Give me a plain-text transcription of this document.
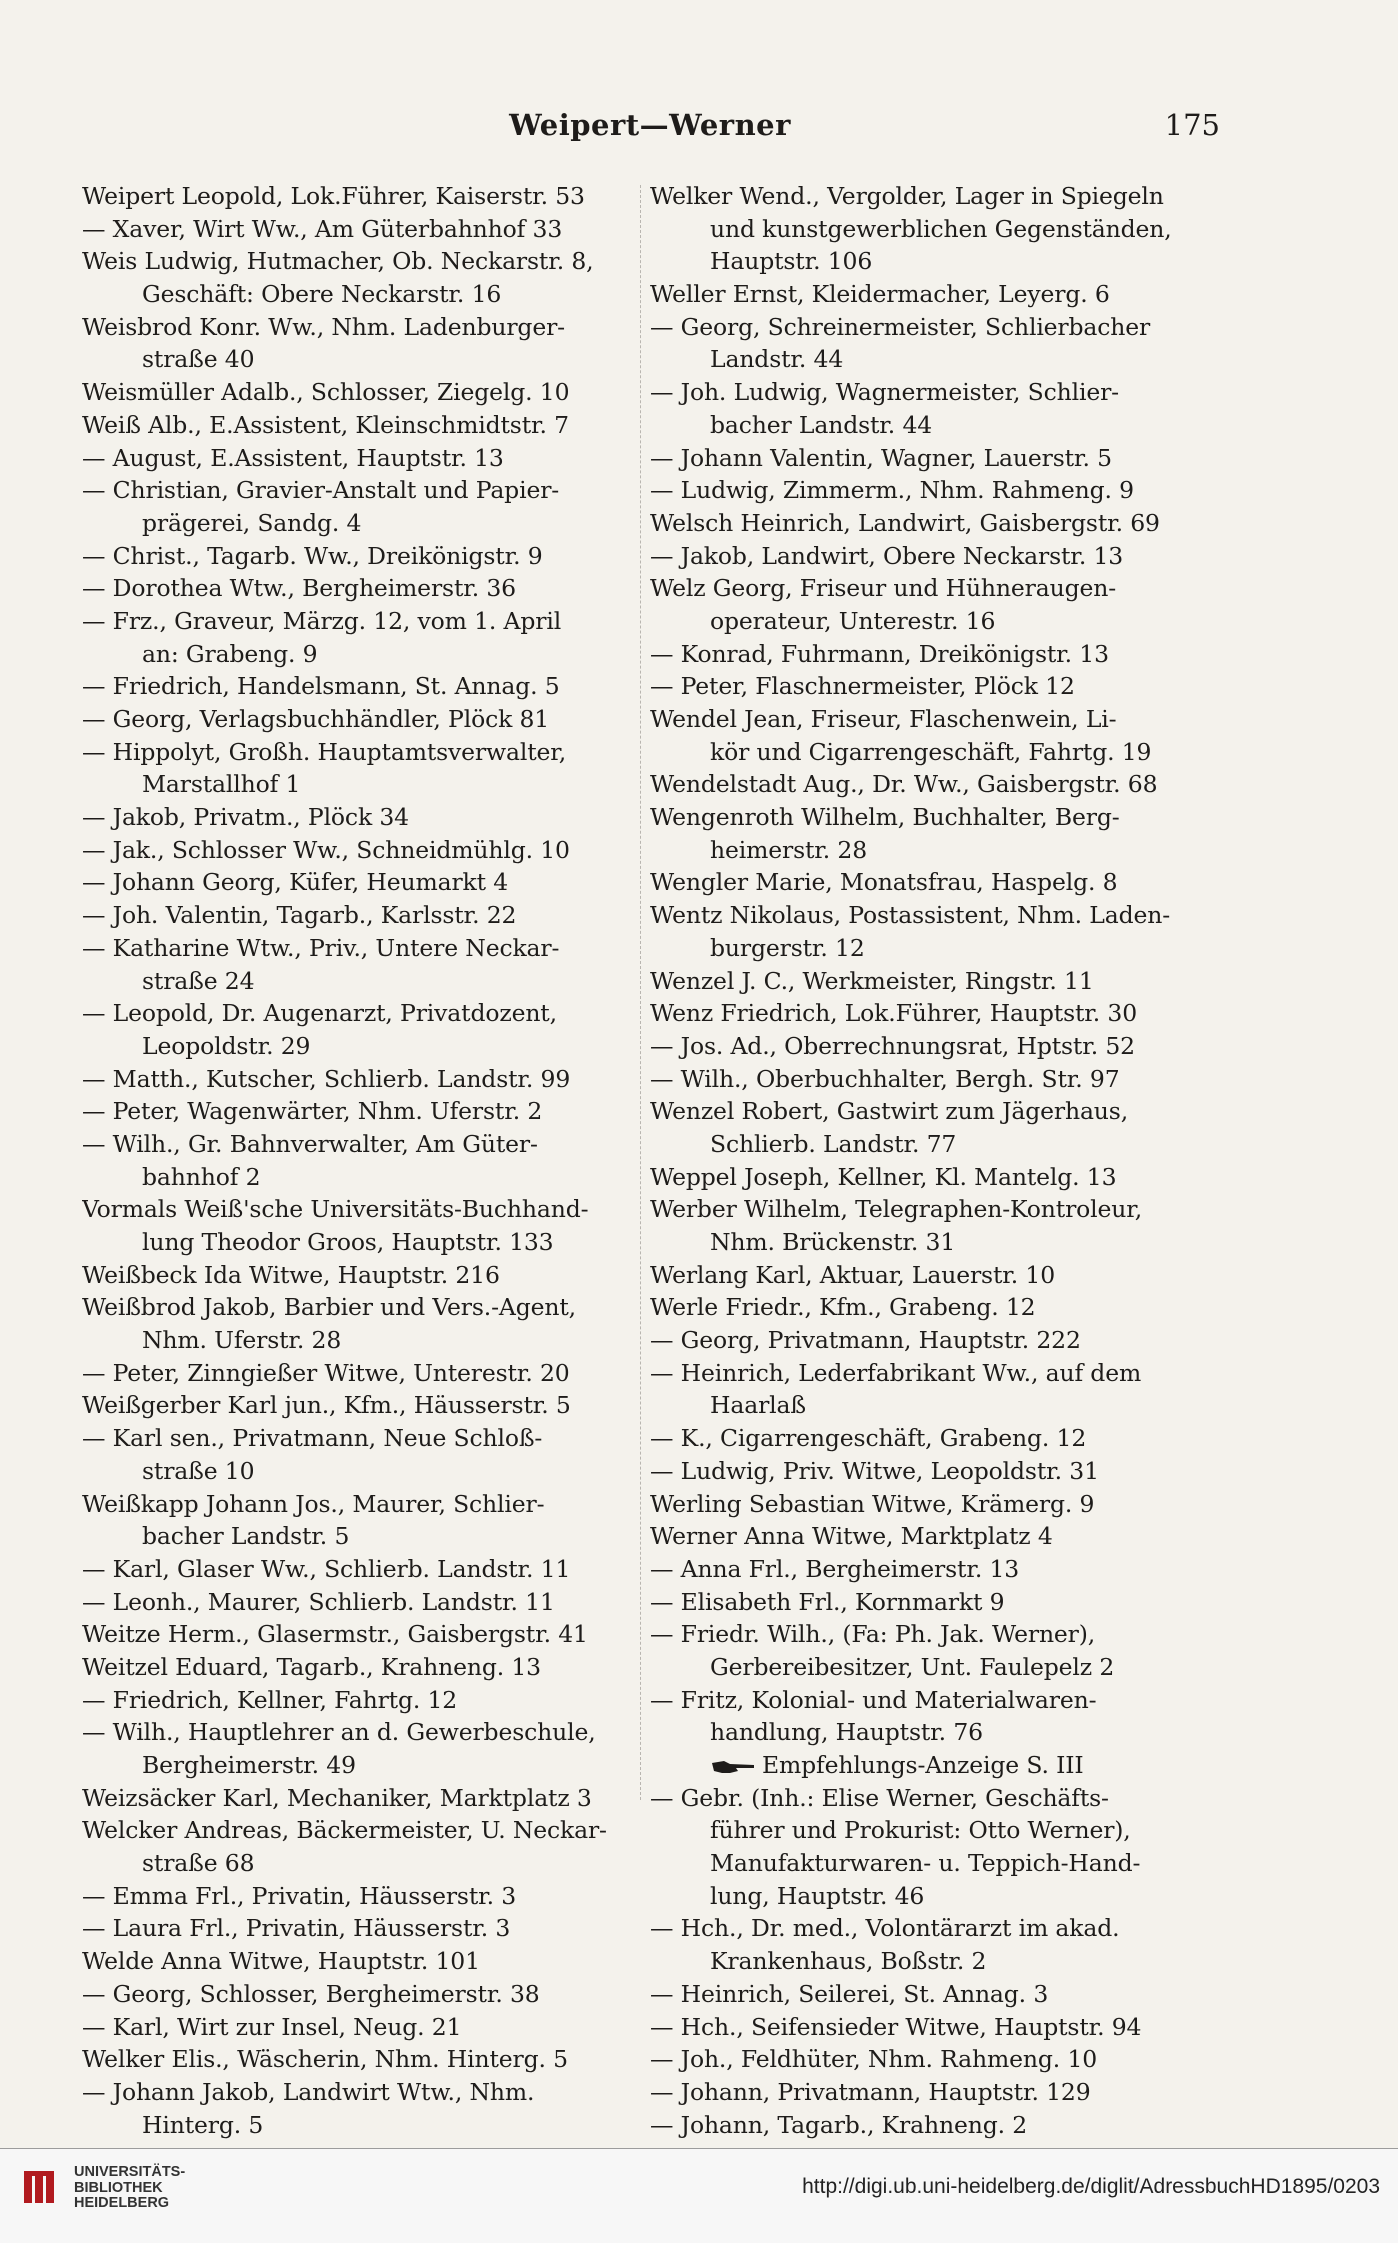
Weipert—Werner	175
Weipert Leopold, Lok.Führer, Kaiserstr. 53
— Xaver, Wirt Ww., Am Güterbahnhof 33
Weis Ludwig, Hutmacher, Ob. Neckarstr. 8,
Geschäft: Obere Neckarstr. 16
Weisbrod Konr. Ww., Nhm. Ladenburger-
straße 40
Weismüller Adalb., Schlosser, Ziegelg. 10
Weiß Alb., E.Assistent, Kleinschmidtstr. 7
— August, E.Assistent, Hauptstr. 13
— Christian, Gravier-Anstalt und Papier-
prägerei, Sandg. 4
— Christ., Tagarb. Ww., Dreikönigstr. 9
— Dorothea Wtw., Bergheimerstr. 36
— Frz., Graveur, Märzg. 12, vom 1. April
an: Grabeng. 9
— Friedrich, Handelsmann, St. Annag. 5
— Georg, Verlagsbuchhändler, Plöck 81
— Hippolyt, Großh. Hauptamtsverwalter,
Marstallhof 1
— Jakob, Privatm., Plöck 34
— Jak., Schlosser Ww., Schneidmühlg. 10
— Johann Georg, Küfer, Heumarkt 4
— Joh. Valentin, Tagarb., Karlsstr. 22
— Katharine Wtw., Priv., Untere Neckar-
straße 24
— Leopold, Dr. Augenarzt, Privatdozent,
Leopoldstr. 29
— Matth., Kutscher, Schlierb. Landstr. 99
— Peter, Wagenwärter, Nhm. Uferstr. 2
— Wilh., Gr. Bahnverwalter, Am Güter-
bahnhof 2
Vormals Weiß'sche Universitäts-Buchhand-
lung Theodor Groos, Hauptstr. 133
Weißbeck Ida Witwe, Hauptstr. 216
Weißbrod Jakob, Barbier und Vers.-Agent,
Nhm. Uferstr. 28
— Peter, Zinngießer Witwe, Unterestr. 20
Weißgerber Karl jun., Kfm., Häusserstr. 5
— Karl sen., Privatmann, Neue Schloß-
straße 10
Weißkapp Johann Jos., Maurer, Schlier-
bacher Landstr. 5
— Karl, Glaser Ww., Schlierb. Landstr. 11
— Leonh., Maurer, Schlierb. Landstr. 11
Weitze Herm., Glasermstr., Gaisbergstr. 41
Weitzel Eduard, Tagarb., Krahneng. 13
— Friedrich, Kellner, Fahrtg. 12
— Wilh., Hauptlehrer an d. Gewerbeschule,
Bergheimerstr. 49
Weizsäcker Karl, Mechaniker, Marktplatz 3
Welcker Andreas, Bäckermeister, U. Neckar-
straße 68
— Emma Frl., Privatin, Häusserstr. 3
— Laura Frl., Privatin, Häusserstr. 3
Welde Anna Witwe, Hauptstr. 101
— Georg, Schlosser, Bergheimerstr. 38
— Karl, Wirt zur Insel, Neug. 21
Welker Elis., Wäscherin, Nhm. Hinterg. 5
— Johann Jakob, Landwirt Wtw., Nhm.
Hinterg. 5
Welker Wend., Vergolder, Lager in Spiegeln
und kunstgewerblichen Gegenständen,
Hauptstr. 106
Weller Ernst, Kleidermacher, Leyerg. 6
— Georg, Schreinermeister, Schlierbacher
Landstr. 44
— Joh. Ludwig, Wagnermeister, Schlier-
bacher Landstr. 44
— Johann Valentin, Wagner, Lauerstr. 5
— Ludwig, Zimmerm., Nhm. Rahmeng. 9
Welsch Heinrich, Landwirt, Gaisbergstr. 69
— Jakob, Landwirt, Obere Neckarstr. 13
Welz Georg, Friseur und Hühneraugen-
operateur, Unterestr. 16
— Konrad, Fuhrmann, Dreikönigstr. 13
— Peter, Flaschnermeister, Plöck 12
Wendel Jean, Friseur, Flaschenwein, Li-
kör und Cigarrengeschäft, Fahrtg. 19
Wendelstadt Aug., Dr. Ww., Gaisbergstr. 68
Wengenroth Wilhelm, Buchhalter, Berg-
heimerstr. 28
Wengler Marie, Monatsfrau, Haspelg. 8
Wentz Nikolaus, Postassistent, Nhm. Laden-
burgerstr. 12
Wenzel J. C., Werkmeister, Ringstr. 11
Wenz Friedrich, Lok.Führer, Hauptstr. 30
— Jos. Ad., Oberrechnungsrat, Hptstr. 52
— Wilh., Oberbuchhalter, Bergh. Str. 97
Wenzel Robert, Gastwirt zum Jägerhaus,
Schlierb. Landstr. 77
Weppel Joseph, Kellner, Kl. Mantelg. 13
Werber Wilhelm, Telegraphen-Kontroleur,
Nhm. Brückenstr. 31
Werlang Karl, Aktuar, Lauerstr. 10
Werle Friedr., Kfm., Grabeng. 12
— Georg, Privatmann, Hauptstr. 222
— Heinrich, Lederfabrikant Ww., auf dem
Haarlaß
— K., Cigarrengeschäft, Grabeng. 12
— Ludwig, Priv. Witwe, Leopoldstr. 31
Werling Sebastian Witwe, Krämerg. 9
Werner Anna Witwe, Marktplatz 4
— Anna Frl., Bergheimerstr. 13
— Elisabeth Frl., Kornmarkt 9
— Friedr. Wilh., (Fa: Ph. Jak. Werner),
Gerbereibesitzer, Unt. Faulepelz 2
— Fritz, Kolonial- und Materialwaren-
handlung, Hauptstr. 76
Empfehlungs-Anzeige S. III
— Gebr. (Inh.: Elise Werner, Geschäfts-
führer und Prokurist: Otto Werner),
Manufakturwaren- u. Teppich-Hand-
lung, Hauptstr. 46
— Hch., Dr. med., Volontärarzt im akad.
Krankenhaus, Boßstr. 2
— Heinrich, Seilerei, St. Annag. 3
— Hch., Seifensieder Witwe, Hauptstr. 94
— Joh., Feldhüter, Nhm. Rahmeng. 10
— Johann, Privatmann, Hauptstr. 129
— Johann, Tagarb., Krahneng. 2
UNIVERSITÄTS-
BIBLIOTHEK
HEIDELBERG
http://digi.ub.uni-heidelberg.de/diglit/AdressbuchHD1895/0203
